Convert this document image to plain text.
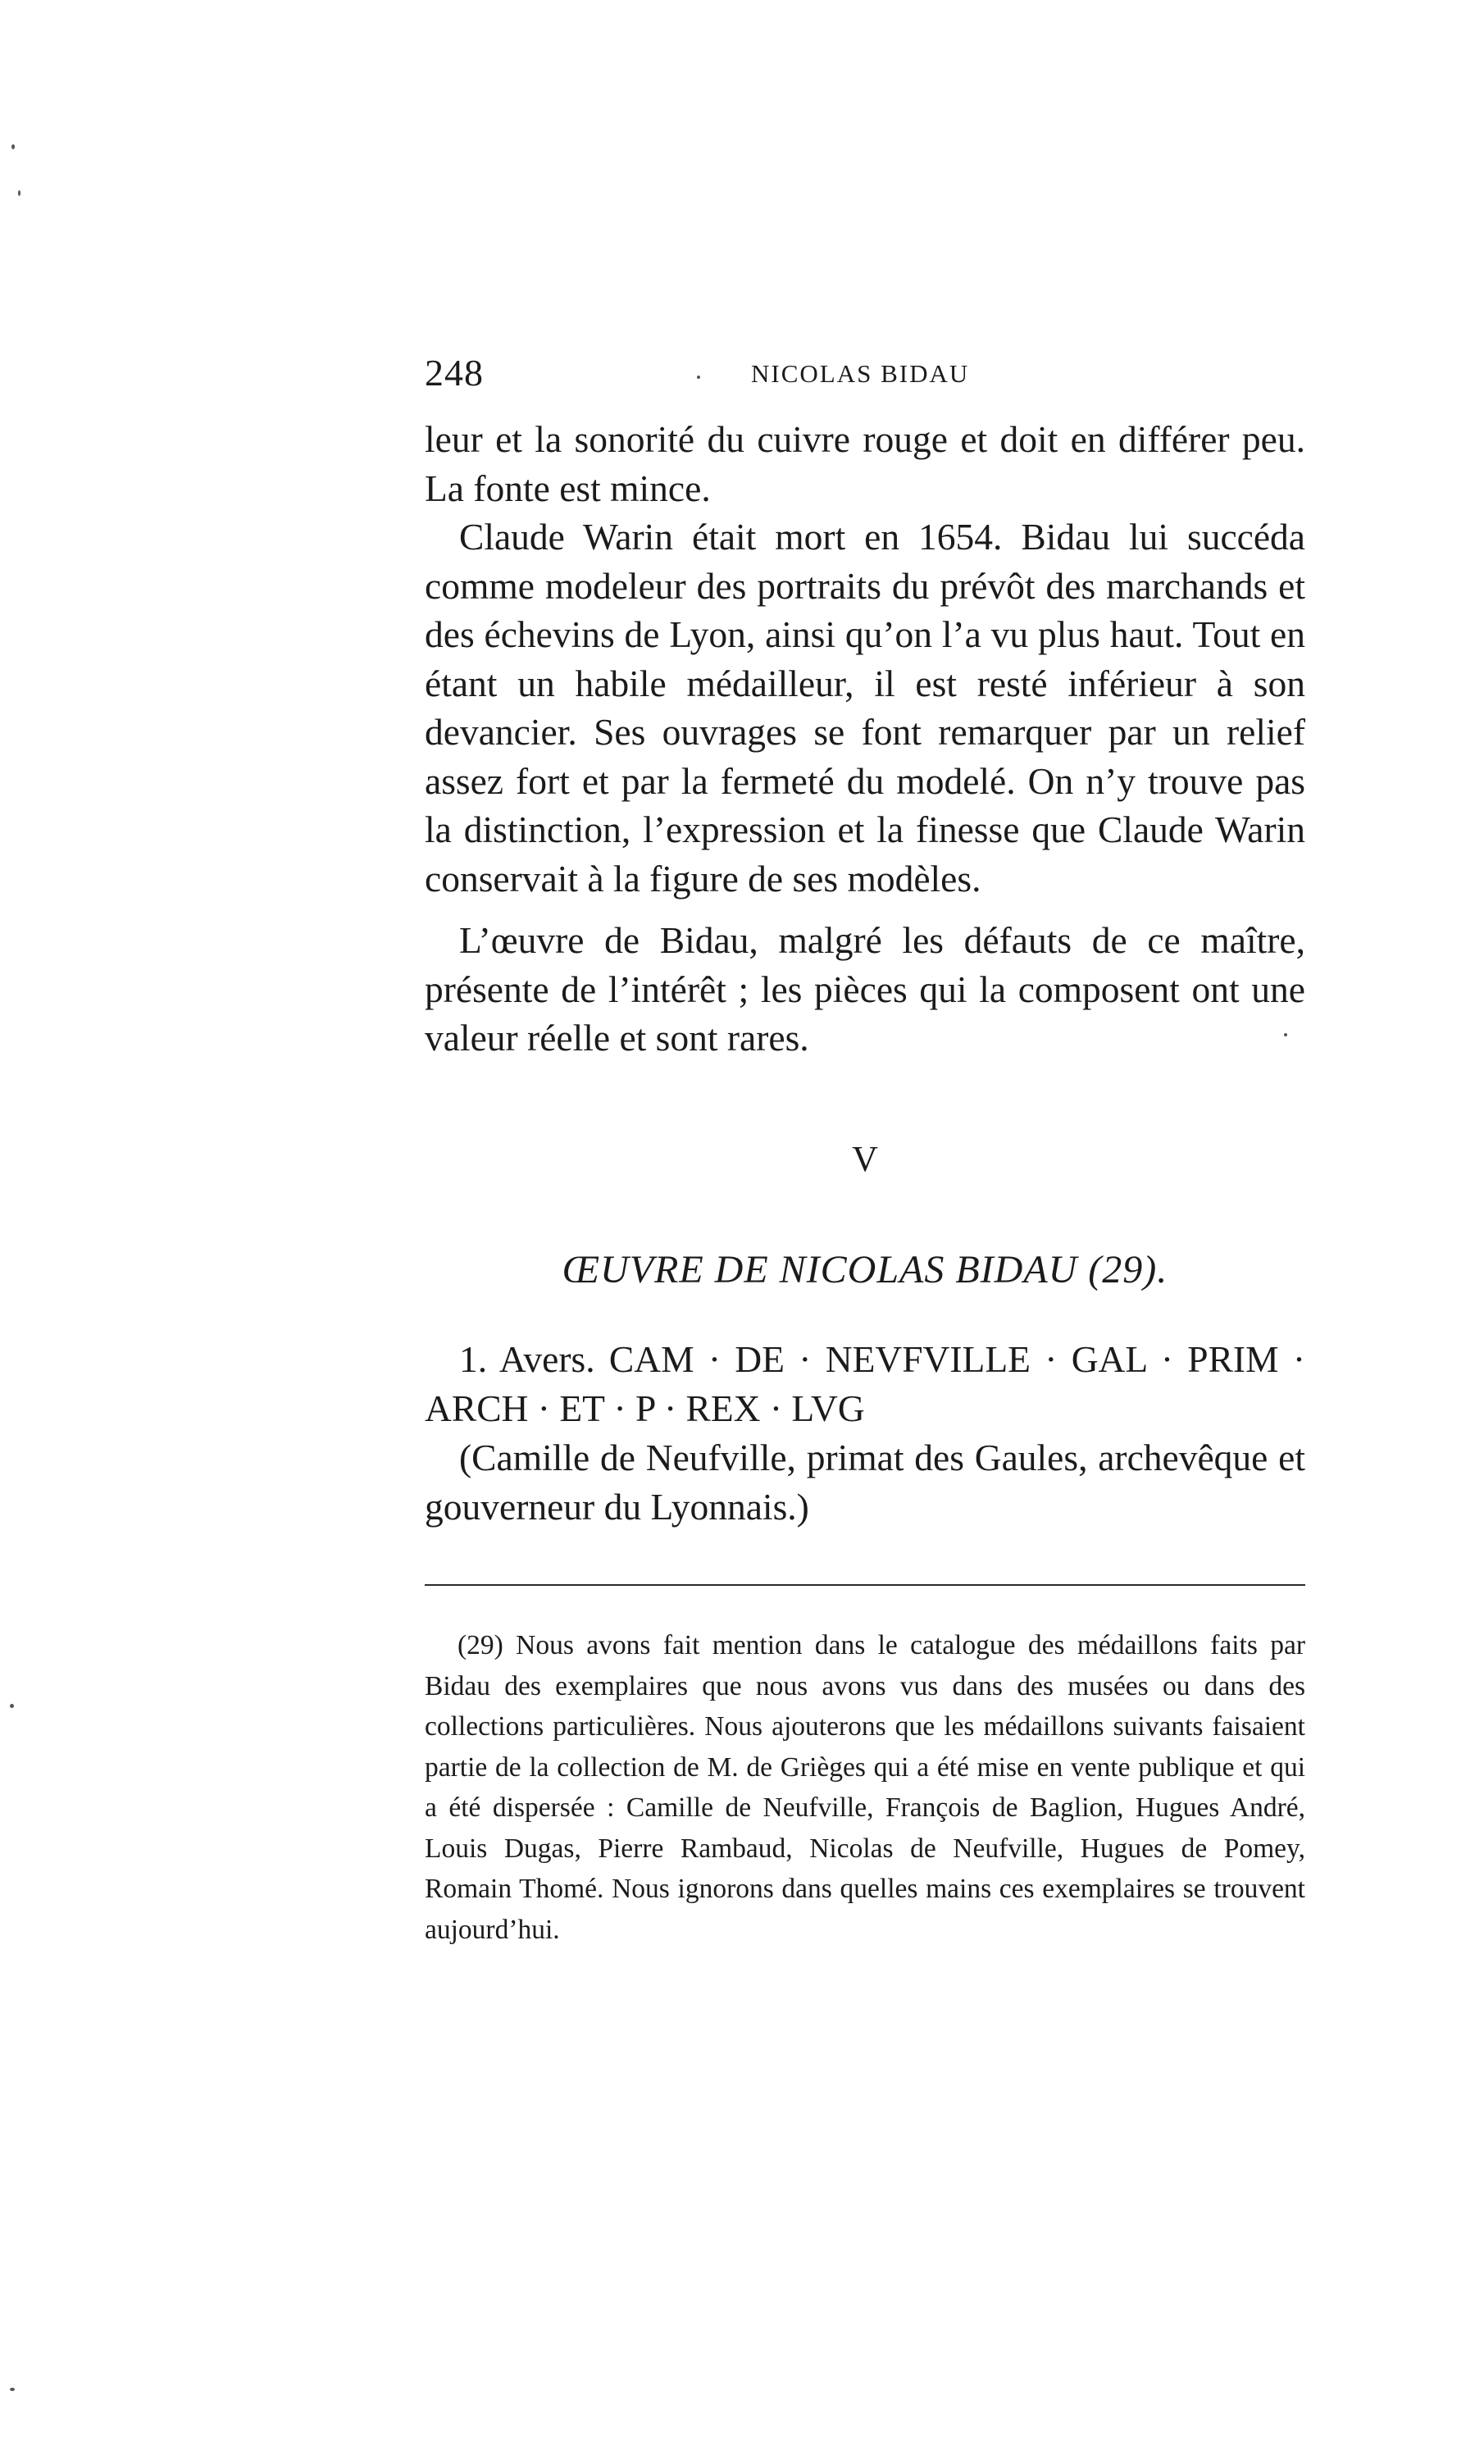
248	NICOLAS BIDAU

leur et la sonorité du cuivre rouge et doit en différer peu. La fonte est mince.

Claude Warin était mort en 1654. Bidau lui succéda comme modeleur des portraits du prévôt des marchands et des échevins de Lyon, ainsi qu’on l’a vu plus haut. Tout en étant un habile médailleur, il est resté inférieur à son devancier. Ses ouvrages se font remarquer par un relief assez fort et par la fermeté du modelé. On n’y trouve pas la distinction, l’expression et la finesse que Claude Warin conservait à la figure de ses modèles.

L’œuvre de Bidau, malgré les défauts de ce maître, présente de l’intérêt ; les pièces qui la composent ont une valeur réelle et sont rares.

V
ŒUVRE DE NICOLAS BIDAU (29).

1. Avers. CAM · DE · NEVFVILLE · GAL · PRIM · ARCH · ET · P · REX · LVG

(Camille de Neufville, primat des Gaules, archevêque et gouverneur du Lyonnais.)

(29) Nous avons fait mention dans le catalogue des médaillons faits par Bidau des exemplaires que nous avons vus dans des musées ou dans des collections particulières. Nous ajouterons que les médaillons suivants faisaient partie de la collection de M. de Grièges qui a été mise en vente publique et qui a été dispersée : Camille de Neufville, François de Baglion, Hugues André, Louis Dugas, Pierre Rambaud, Nicolas de Neufville, Hugues de Pomey, Romain Thomé. Nous ignorons dans quelles mains ces exemplaires se trouvent aujourd’hui.
